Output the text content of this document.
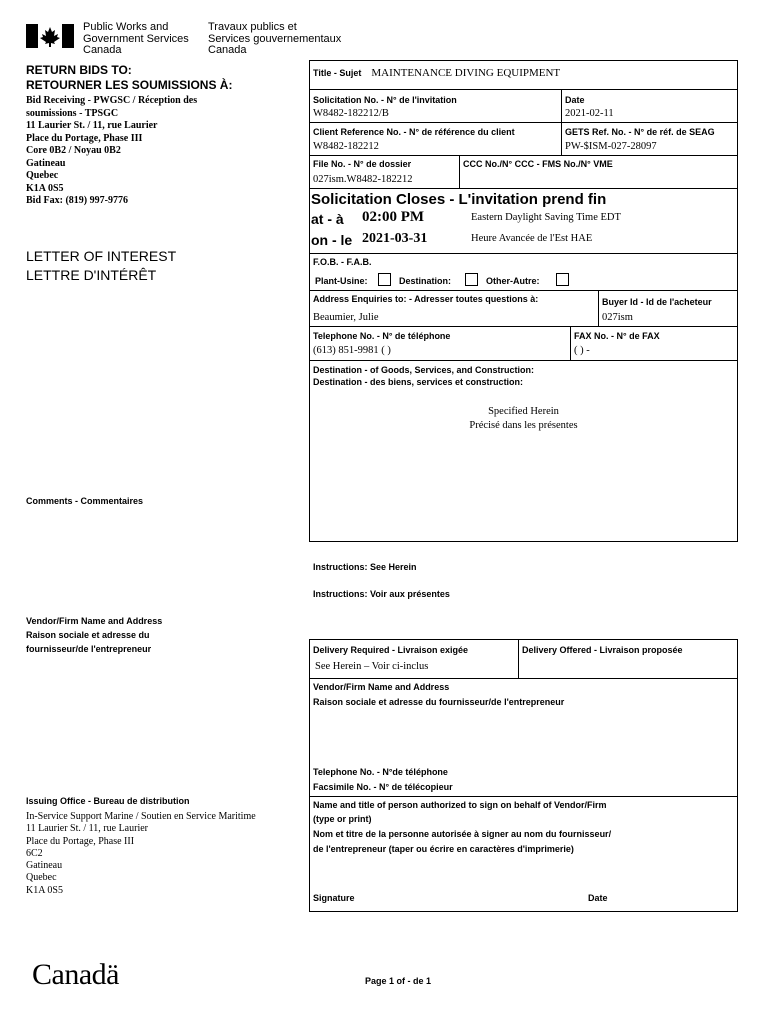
Public Works and
Government Services
Canada
Travaux publics et
Services gouvernementaux
Canada
RETURN BIDS TO:
RETOURNER LES SOUMISSIONS À:
Bid Receiving - PWGSC / Réception des
soumissions - TPSGC
11 Laurier St. / 11, rue Laurier
Place du Portage, Phase III
Core 0B2 / Noyau 0B2
Gatineau
Quebec
K1A 0S5
Bid Fax: (819) 997-9776
LETTER OF INTEREST
LETTRE D'INTÉRÊT
Comments - Commentaires
Vendor/Firm Name and Address
Raison sociale et adresse du
fournisseur/de l'entrepreneur
Issuing Office - Bureau de distribution
In-Service Support Marine / Soutien en Service Maritime
11 Laurier St. / 11, rue Laurier
Place du Portage, Phase III
6C2
Gatineau
Quebec
K1A 0S5
Title - Sujet MAINTENANCE DIVING EQUIPMENT
Solicitation No. - N° de l'invitation
W8482-182212/B
Date
2021-02-11
Client Reference No. - N° de référence du client
W8482-182212
GETS Ref. No. - N° de réf. de SEAG
PW-$ISM-027-28097
File No. - N° de dossier
027ism.W8482-182212
CCC No./N° CCC - FMS No./N° VME
Solicitation Closes - L'invitation prend fin
at - à 02:00 PM	Eastern Daylight Saving Time EDT
on - le 2021-03-31	Heure Avancée de l'Est HAE
F.O.B. - F.A.B.
Plant-Usine:	Destination:	Other-Autre:
Address Enquiries to: - Adresser toutes questions à:
Beaumier, Julie
Buyer Id - Id de l'acheteur
027ism
Telephone No. - N° de téléphone
(613) 851-9981 ( )
FAX No. - N° de FAX
( ) -
Destination - of Goods, Services, and Construction:
Destination - des biens, services et construction:
Specified Herein
Précisé dans les présentes
Instructions: See Herein
Instructions: Voir aux présentes
Delivery Required - Livraison exigée
See Herein – Voir ci-inclus
Delivery Offered - Livraison proposée
Vendor/Firm Name and Address
Raison sociale et adresse du fournisseur/de l'entrepreneur
Telephone No. - N°de téléphone
Facsimile No. - N° de télécopieur
Name and title of person authorized to sign on behalf of Vendor/Firm
(type or print)
Nom et titre de la personne autorisée à signer au nom du fournisseur/
de l'entrepreneur (taper ou écrire en caractères d'imprimerie)
Signature	Date
Canadä	Page 1 of - de 1
